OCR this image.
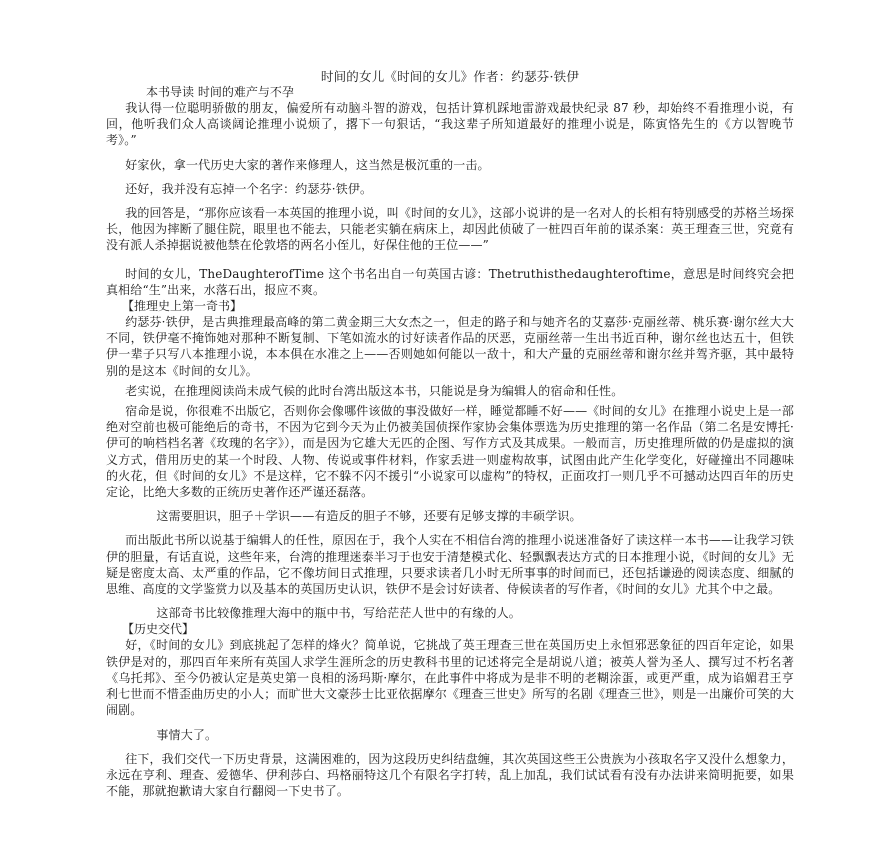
时间的女儿《时间的女儿》作者：约瑟芬·铁伊
本书导读 时间的难产与不孕

我认得一位聪明骄傲的朋友，偏爱所有动脑斗智的游戏，包括计算机踩地雷游戏最快纪录 87 秒，却始终不看推理小说，有回，他听我们众人高谈阔论推理小说烦了，撂下一句狠话，“我这辈子所知道最好的推理小说是，陈寅恪先生的《方以智晚节考》。”

好家伙，拿一代历史大家的著作来修理人，这当然是极沉重的一击。

还好，我并没有忘掉一个名字：约瑟芬·铁伊。

我的回答是，“那你应该看一本英国的推理小说，叫《时间的女儿》，这部小说讲的是一名对人的长相有特别感受的苏格兰场探长，他因为摔断了腿住院，眼里也不能去，只能老实躺在病床上，却因此侦破了一桩四百年前的谋杀案：英王理查三世，究竟有没有派人杀掉据说被他禁在伦敦塔的两名小侄儿，好保住他的王位——”

时间的女儿，TheDaughterofTime 这个书名出自一句英国古谚：Thetruthisthedaughteroftime，意思是时间终究会把真相给“生”出来，水落石出，报应不爽。

【推理史上第一奇书】

约瑟芬·铁伊，是古典推理最高峰的第二黄金期三大女杰之一，但走的路子和与她齐名的艾嘉莎·克丽丝蒂、桃乐赛·谢尔丝大大不同，铁伊毫不掩饰她对那种不断复制、下笔如流水的讨好读者作品的厌恶，克丽丝蒂一生出书近百种，谢尔丝也达五十，但铁伊一辈子只写八本推理小说，本本俱在水准之上——否则她如何能以一敌十，和大产量的克丽丝蒂和谢尔丝并驾齐驱，其中最特别的是这本《时间的女儿》。

老实说，在推理阅读尚未成气候的此时台湾出版这本书，只能说是身为编辑人的宿命和任性。

宿命是说，你很难不出版它，否则你会像哪件该做的事没做好一样，睡觉都睡不好——《时间的女儿》在推理小说史上是一部绝对空前也极可能绝后的奇书，不因为它到今天为止仍被美国侦探作家协会集体票选为历史推理的第一名作品（第二名是安博托·伊可的响档档名著《玫瑰的名字》），而是因为它雄大无匹的企图、写作方式及其成果。一般而言，历史推理所做的仍是虚拟的演义方式，借用历史的某一个时段、人物、传说或事件材料，作家丢进一则虚构故事，试图由此产生化学变化，好碰撞出不同趣味的火花，但《时间的女儿》不是这样，它不躲不闪不援引“小说家可以虚构”的特权，正面攻打一则几乎不可撼动达四百年的历史定论，比绝大多数的正统历史著作还严谨还磊落。

这需要胆识，胆子＋学识——有造反的胆子不够，还要有足够支撑的丰硕学识。

而出版此书所以说基于编辑人的任性，原因在于，我个人实在不相信台湾的推理小说迷准备好了读这样一本书——让我学习铁伊的胆量，有话直说，这些年来，台湾的推理迷泰半习于也安于清楚模式化、轻飘飘表达方式的日本推理小说，《时间的女儿》无疑是密度太高、太严重的作品，它不像坊间日式推理，只要求读者几小时无所事事的时间而已，还包括谦逊的阅读态度、细腻的思维、高度的文学鉴赏力以及基本的英国历史认识，铁伊不是会讨好读者、侍候读者的写作者，《时间的女儿》尤其个中之最。

这部奇书比较像推理大海中的瓶中书，写给茫茫人世中的有缘的人。

【历史交代】

好，《时间的女儿》到底挑起了怎样的烽火？简单说，它挑战了英王理查三世在英国历史上永恒邪恶象征的四百年定论，如果铁伊是对的，那四百年来所有英国人求学生涯所念的历史教科书里的记述将完全是胡说八道；被英人誉为圣人、撰写过不朽名著《乌托邦》、至今仍被认定是英史第一良相的汤玛斯·摩尔，在此事件中将成为是非不明的老糊涂蛋，或更严重，成为谄媚君王亨利七世而不惜歪曲历史的小人；而旷世大文豪莎士比亚依据摩尔《理查三世史》所写的名剧《理查三世》，则是一出廉价可笑的大闹剧。

事情大了。

往下，我们交代一下历史背景，这满困难的，因为这段历史纠结盘缠，其次英国这些王公贵族为小孩取名字又没什么想象力，永远在亨利、理查、爱德华、伊利莎白、玛格丽特这几个有限名字打转，乱上加乱，我们试试看有没有办法讲来简明扼要，如果不能，那就抱歉请大家自行翻阅一下史书了。
